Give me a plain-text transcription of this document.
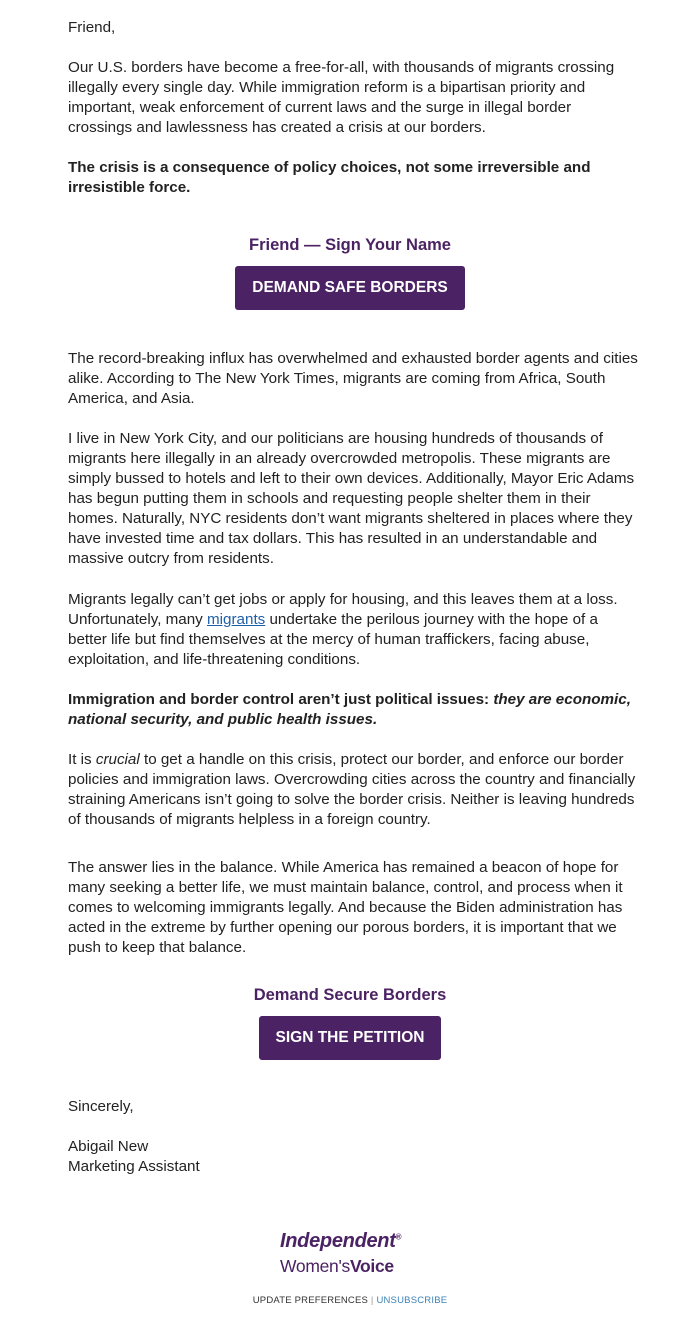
Friend,

Our U.S. borders have become a free-for-all, with thousands of migrants crossing illegally every single day. While immigration reform is a bipartisan priority and important, weak enforcement of current laws and the surge in illegal border crossings and lawlessness has created a crisis at our borders.

The crisis is a consequence of policy choices, not some irreversible and irresistible force.

Friend — Sign Your Name
DEMAND SAFE BORDERS

The record-breaking influx has overwhelmed and exhausted border agents and cities alike. According to The New York Times, migrants are coming from Africa, South America, and Asia.

I live in New York City, and our politicians are housing hundreds of thousands of migrants here illegally in an already overcrowded metropolis. These migrants are simply bussed to hotels and left to their own devices. Additionally, Mayor Eric Adams has begun putting them in schools and requesting people shelter them in their homes. Naturally, NYC residents don’t want migrants sheltered in places where they have invested time and tax dollars. This has resulted in an understandable and massive outcry from residents.

Migrants legally can’t get jobs or apply for housing, and this leaves them at a loss. Unfortunately, many migrants undertake the perilous journey with the hope of a better life but find themselves at the mercy of human traffickers, facing abuse, exploitation, and life-threatening conditions.

Immigration and border control aren’t just political issues: they are economic, national security, and public health issues.

It is crucial to get a handle on this crisis, protect our border, and enforce our border policies and immigration laws. Overcrowding cities across the country and financially straining Americans isn’t going to solve the border crisis. Neither is leaving hundreds of thousands of migrants helpless in a foreign country.

The answer lies in the balance. While America has remained a beacon of hope for many seeking a better life, we must maintain balance, control, and process when it comes to welcoming immigrants legally. And because the Biden administration has acted in the extreme by further opening our porous borders, it is important that we push to keep that balance.

Demand Secure Borders
SIGN THE PETITION

Sincerely,

Abigail New

Marketing Assistant

Independent®
Women'sVoice
UPDATE PREFERENCES | UNSUBSCRIBE
